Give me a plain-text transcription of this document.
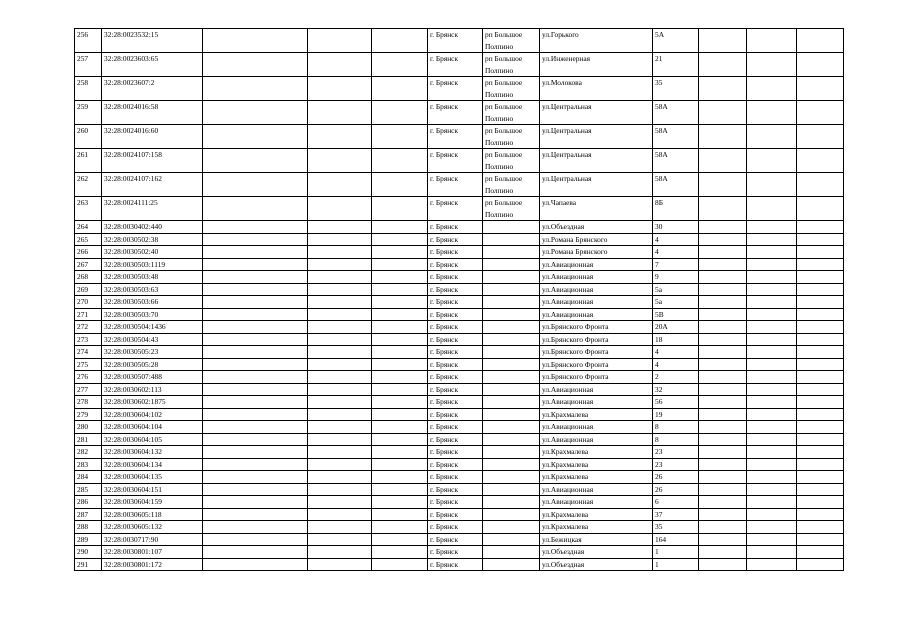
256	32:28:0023532:15				г. Брянск	рп Большое Полпино	ул.Горького	5А			
257	32:28:0023603:65				г. Брянск	рп Большое Полпино	ул.Инженерная	21			
258	32:28:0023607:2				г. Брянск	рп Большое Полпино	ул.Молокова	35			
259	32:28:0024016:58				г. Брянск	рп Большое Полпино	ул.Центральная	58А			
260	32:28:0024016:60				г. Брянск	рп Большое Полпино	ул.Центральная	58А			
261	32:28:0024107:158				г. Брянск	рп Большое Полпино	ул.Центральная	58А			
262	32:28:0024107:162				г. Брянск	рп Большое Полпино	ул.Центральная	58А			
263	32:28:0024111:25				г. Брянск	рп Большое Полпино	ул.Чапаева	8Б			
264	32:28:0030402:440				г. Брянск		ул.Объездная	30			
265	32:28:0030502:38				г. Брянск		ул.Романа Брянского	4			
266	32:28:0030502:40				г. Брянск		ул.Романа Брянского	4			
267	32:28:0030503:1119				г. Брянск		ул.Авиационная	7			
268	32:28:0030503:48				г. Брянск		ул.Авиационная	9			
269	32:28:0030503:63				г. Брянск		ул.Авиационная	5а			
270	32:28:0030503:66				г. Брянск		ул.Авиационная	5а			
271	32:28:0030503:70				г. Брянск		ул.Авиационная	5В			
272	32:28:0030504:1436				г. Брянск		ул.Брянского Фронта	20А			
273	32:28:0030504:43				г. Брянск		ул.Брянского Фронта	18			
274	32:28:0030505:23				г. Брянск		ул.Брянского Фронта	4			
275	32:28:0030505:28				г. Брянск		ул.Брянского Фронта	4			
276	32:28:0030507:488				г. Брянск		ул.Брянского Фронта	2			
277	32:28:0030602:113				г. Брянск		ул.Авиационная	32			
278	32:28:0030602:1875				г. Брянск		ул.Авиационная	56			
279	32:28:0030604:102				г. Брянск		ул.Крахмалева	19			
280	32:28:0030604:104				г. Брянск		ул.Авиационная	8			
281	32:28:0030604:105				г. Брянск		ул.Авиационная	8			
282	32:28:0030604:132				г. Брянск		ул.Крахмалева	23			
283	32:28:0030604:134				г. Брянск		ул.Крахмалева	23			
284	32:28:0030604:135				г. Брянск		ул.Крахмалева	26			
285	32:28:0030604:151				г. Брянск		ул.Авиационная	26			
286	32:28:0030604:159				г. Брянск		ул.Авиационная	6			
287	32:28:0030605:118				г. Брянск		ул.Крахмалева	37			
288	32:28:0030605:132				г. Брянск		ул.Крахмалева	35			
289	32:28:0030717:90				г. Брянск		ул.Бежицкая	164			
290	32:28:0030801:107				г. Брянск		ул.Объездная	1			
291	32:28:0030801:172				г. Брянск		ул.Объездная	1			
